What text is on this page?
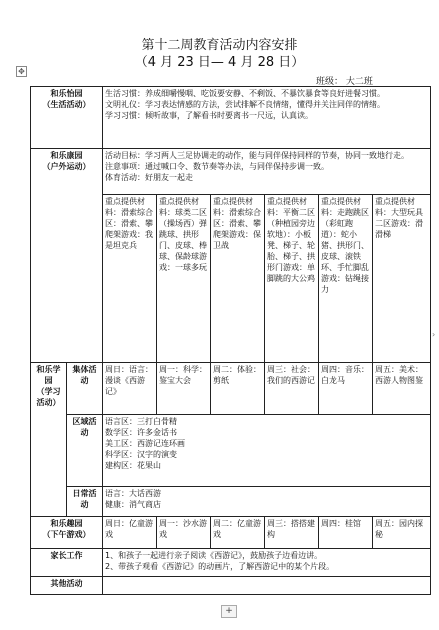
第十二周教育活动内容安排
（4 月 23 日— 4 月 28 日）
✥
班级： 大二班
和乐怡园
（生活活动）		生活习惯：养成细嚼慢咽、吃饭要安静、不剩饭、不暴饮暴食等良好进餐习惯。
文明礼仪：学习表达情感的方法，尝试排解不良情绪，懂得并关注同伴的情绪。
学习习惯：倾听故事，了解看书时要离书一尺远，认真读。					

和乐康园
（户外运动）		活动目标：学习两人三足协调走的动作，能与同伴保持同样的节奏，协同一致地行走。
注意事项：通过喊口令、数节奏等办法，与同伴保持步调一致。
体育活动：好朋友一起走					

		重点提供材料：滑索综合区：滑索、攀爬架游戏：我是坦克兵	重点提供材料：球类二区（操场西）弹跳球、拱形门、皮球、棒球、保龄球游戏：一球多玩	重点提供材料：滑索综合区：滑索、攀爬架游戏：保卫战	重点提供材料：平衡二区（种植园旁边软地）：小板凳、梯子、轮胎、梯子、拱形门游戏：单脚跳的大公鸡	重点提供材料：走跑跳区（彩虹跑道）：蛇小猪、拱形门、皮球、滚铁环、手忙脚乱游戏：钻绳接力	重点提供材料：大型玩具二区游戏：滑滑梯
和乐学园
（学习活动）	集体活动	周日：语言：漫谈《西游记》	周一：科学：鉴宝大会	周二：体验：剪纸	周三：社会：我们的西游记	周四：音乐：白龙马	周五：美术：西游人物图鉴
	区域活动	语言区：三打白骨精
数学区：许多金话书
美工区：西游记连环画
科学区：汉字的演变
建构区：花果山					

	日常活动	语言：大话西游
健康：消气商店					

和乐趣园
（下午游戏）		周日：亿童游戏	周一：沙水游戏	周二：亿童游戏	周三：搭搭建构	周四：桂馆	周五：园内探秘
家长工作		1、和孩子一起进行亲子阅读《西游记》，鼓励孩子边看边讲。
2、带孩子观看《西游记》的动画片，了解西游记中的某个片段。					

其他活动							
+
›
